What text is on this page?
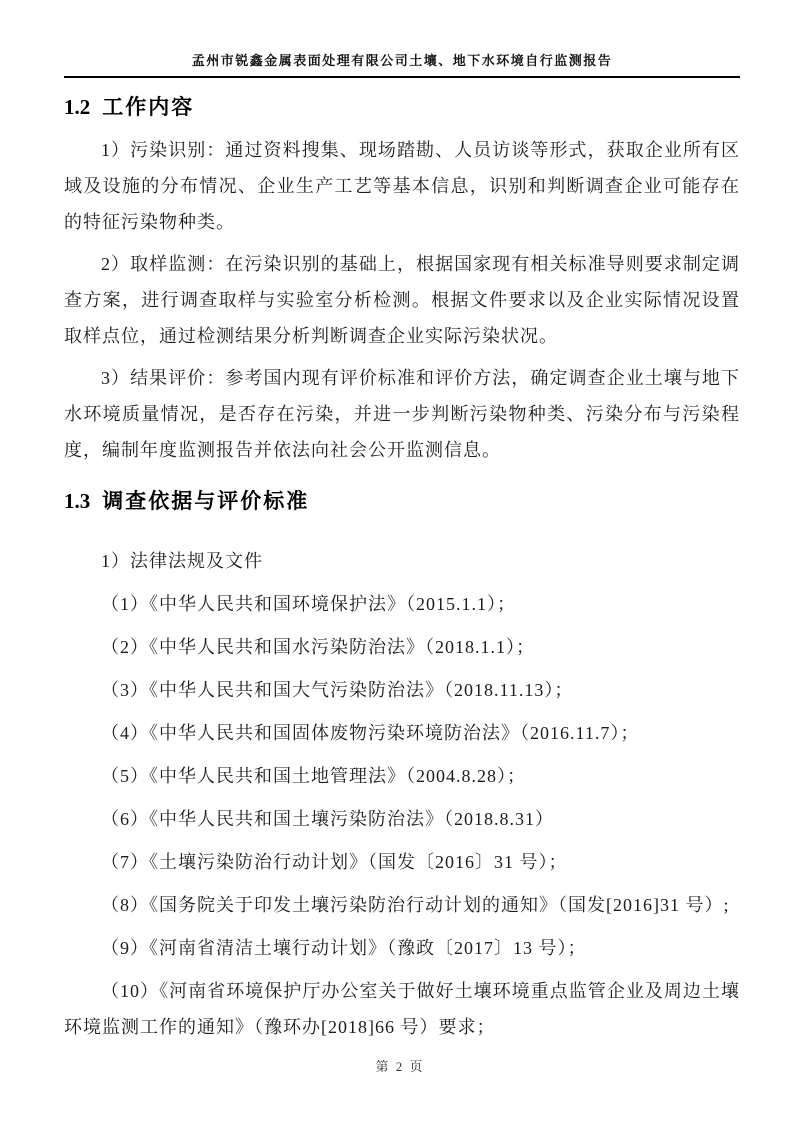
孟州市锐鑫金属表面处理有限公司土壤、地下水环境自行监测报告
1.2 工作内容

1）污染识别：通过资料搜集、现场踏勘、人员访谈等形式，获取企业所有区域及设施的分布情况、企业生产工艺等基本信息，识别和判断调查企业可能存在的特征污染物种类。

2）取样监测：在污染识别的基础上，根据国家现有相关标准导则要求制定调查方案，进行调查取样与实验室分析检测。根据文件要求以及企业实际情况设置取样点位，通过检测结果分析判断调查企业实际污染状况。

3）结果评价：参考国内现有评价标准和评价方法，确定调查企业土壤与地下水环境质量情况，是否存在污染，并进一步判断污染物种类、污染分布与污染程度，编制年度监测报告并依法向社会公开监测信息。

1.3 调查依据与评价标准
1）法律法规及文件
（1）《中华人民共和国环境保护法》（2015.1.1）；
（2）《中华人民共和国水污染防治法》（2018.1.1）；
（3）《中华人民共和国大气污染防治法》（2018.11.13）；
（4）《中华人民共和国固体废物污染环境防治法》（2016.11.7）；
（5）《中华人民共和国土地管理法》（2004.8.28）；
（6）《中华人民共和国土壤污染防治法》（2018.8.31）
（7）《土壤污染防治行动计划》（国发〔2016〕31 号）；
（8）《国务院关于印发土壤污染防治行动计划的通知》（国发[2016]31 号）;
（9）《河南省清洁土壤行动计划》（豫政〔2017〕13 号）；
（10）《河南省环境保护厅办公室关于做好土壤环境重点监管企业及周边土壤环境监测工作的通知》（豫环办[2018]66 号）要求；
第 2 页
